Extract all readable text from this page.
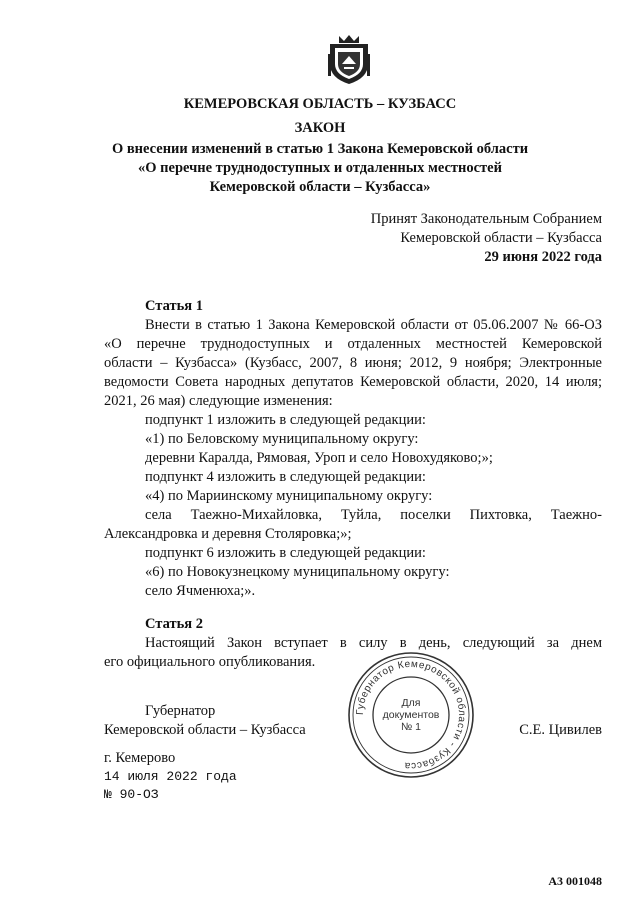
КЕМЕРОВСКАЯ ОБЛАСТЬ – КУЗБАСС
ЗАКОН
О внесении изменений в статью 1 Закона Кемеровской области
«О перечне труднодоступных и отдаленных местностей
Кемеровской области – Кузбасса»
Принят Законодательным Собранием
Кемеровской области – Кузбасса
29 июня 2022 года
Статья 1
Внести в статью 1 Закона Кемеровской области от 05.06.2007 № 66-ОЗ
«О перечне труднодоступных и отдаленных местностей Кемеровской
области – Кузбасса» (Кузбасс, 2007, 8 июня; 2012, 9 ноября; Электронные
ведомости Совета народных депутатов Кемеровской области, 2020, 14 июля;
2021, 26 мая) следующие изменения:
подпункт 1 изложить в следующей редакции:
«1) по Беловскому муниципальному округу:
деревни Каралда, Рямовая, Уроп и село Новохудяково;»;
подпункт 4 изложить в следующей редакции:
«4) по Мариинскому муниципальному округу:
села Таежно-Михайловка, Туйла, поселки Пихтовка, Таежно-
Александровка и деревня Столяровка;»;
подпункт 6 изложить в следующей редакции:
«6) по Новокузнецкому муниципальному округу:
село Ячменюха;».
Статья 2
Настоящий Закон вступает в силу в день, следующий за днем
его официального опубликования.
Губернатор
Кемеровской области – Кузбасса	С.Е. Цивилев
Губернатор Кемеровской области - Кузбасса
Для
документов
№ 1
г. Кемерово
14 июля 2022 года
№ 90-ОЗ
А3 001048
